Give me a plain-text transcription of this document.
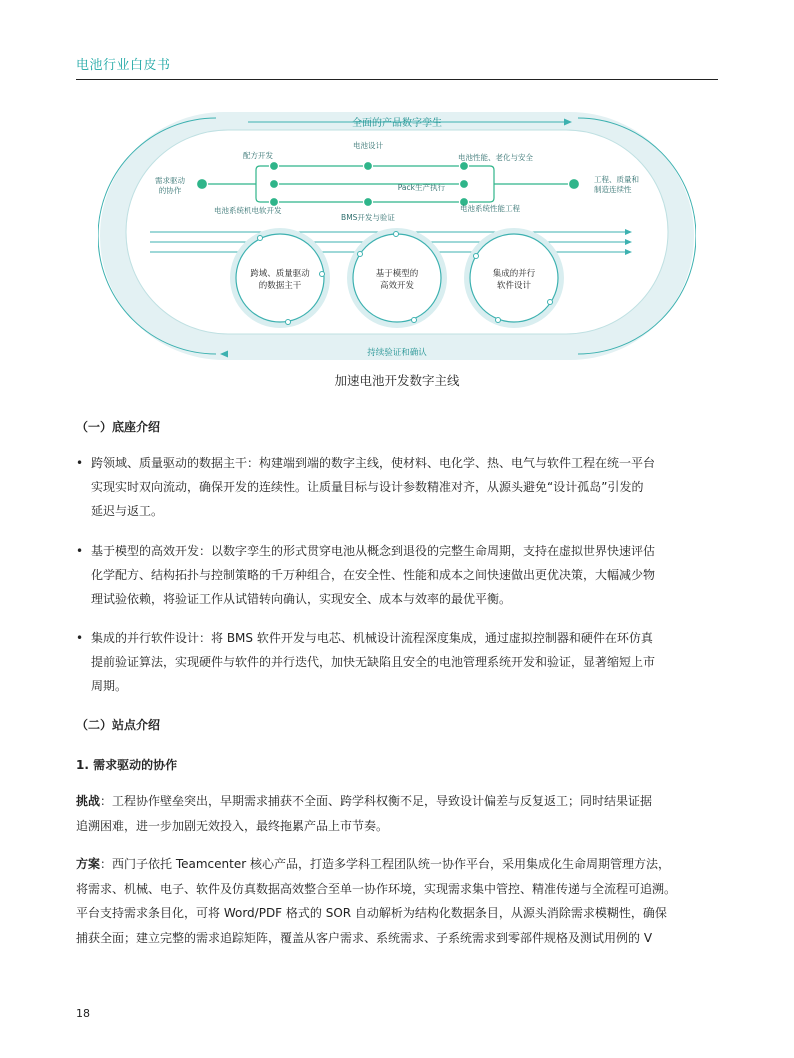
电池行业白皮书
全面的产品数字孪生
持续验证和确认
需求驱动
的协作
配方开发
电池设计
电池性能、老化与安全
电池系统机电软开发
Pack生产执行
BMS开发与验证
电池系统性能工程
工程、质量和
制造连续性
跨域、质量驱动
的数据主干
基于模型的
高效开发
集成的并行
软件设计
加速电池开发数字主线
（一）底座介绍
• 跨领域、质量驱动的数据主干：构建端到端的数字主线，使材料、电化学、热、电气与软件工程在统一平台
实现实时双向流动，确保开发的连续性。让质量目标与设计参数精准对齐，从源头避免“设计孤岛”引发的
延迟与返工。
• 基于模型的高效开发：以数字孪生的形式贯穿电池从概念到退役的完整生命周期，支持在虚拟世界快速评估
化学配方、结构拓扑与控制策略的千万种组合，在安全性、性能和成本之间快速做出更优决策，大幅减少物
理试验依赖，将验证工作从试错转向确认，实现安全、成本与效率的最优平衡。
• 集成的并行软件设计：将 BMS 软件开发与电芯、机械设计流程深度集成，通过虚拟控制器和硬件在环仿真
提前验证算法，实现硬件与软件的并行迭代，加快无缺陷且安全的电池管理系统开发和验证，显著缩短上市
周期。
（二）站点介绍
1. 需求驱动的协作
挑战：工程协作壁垒突出，早期需求捕获不全面、跨学科权衡不足，导致设计偏差与反复返工；同时结果证据
追溯困难，进一步加剧无效投入，最终拖累产品上市节奏。
方案：西门子依托 Teamcenter 核心产品，打造多学科工程团队统一协作平台，采用集成化生命周期管理方法，
将需求、机械、电子、软件及仿真数据高效整合至单一协作环境，实现需求集中管控、精准传递与全流程可追溯。
平台支持需求条目化，可将 Word/PDF 格式的 SOR 自动解析为结构化数据条目，从源头消除需求模糊性，确保
捕获全面；建立完整的需求追踪矩阵，覆盖从客户需求、系统需求、子系统需求到零部件规格及测试用例的 V
18
